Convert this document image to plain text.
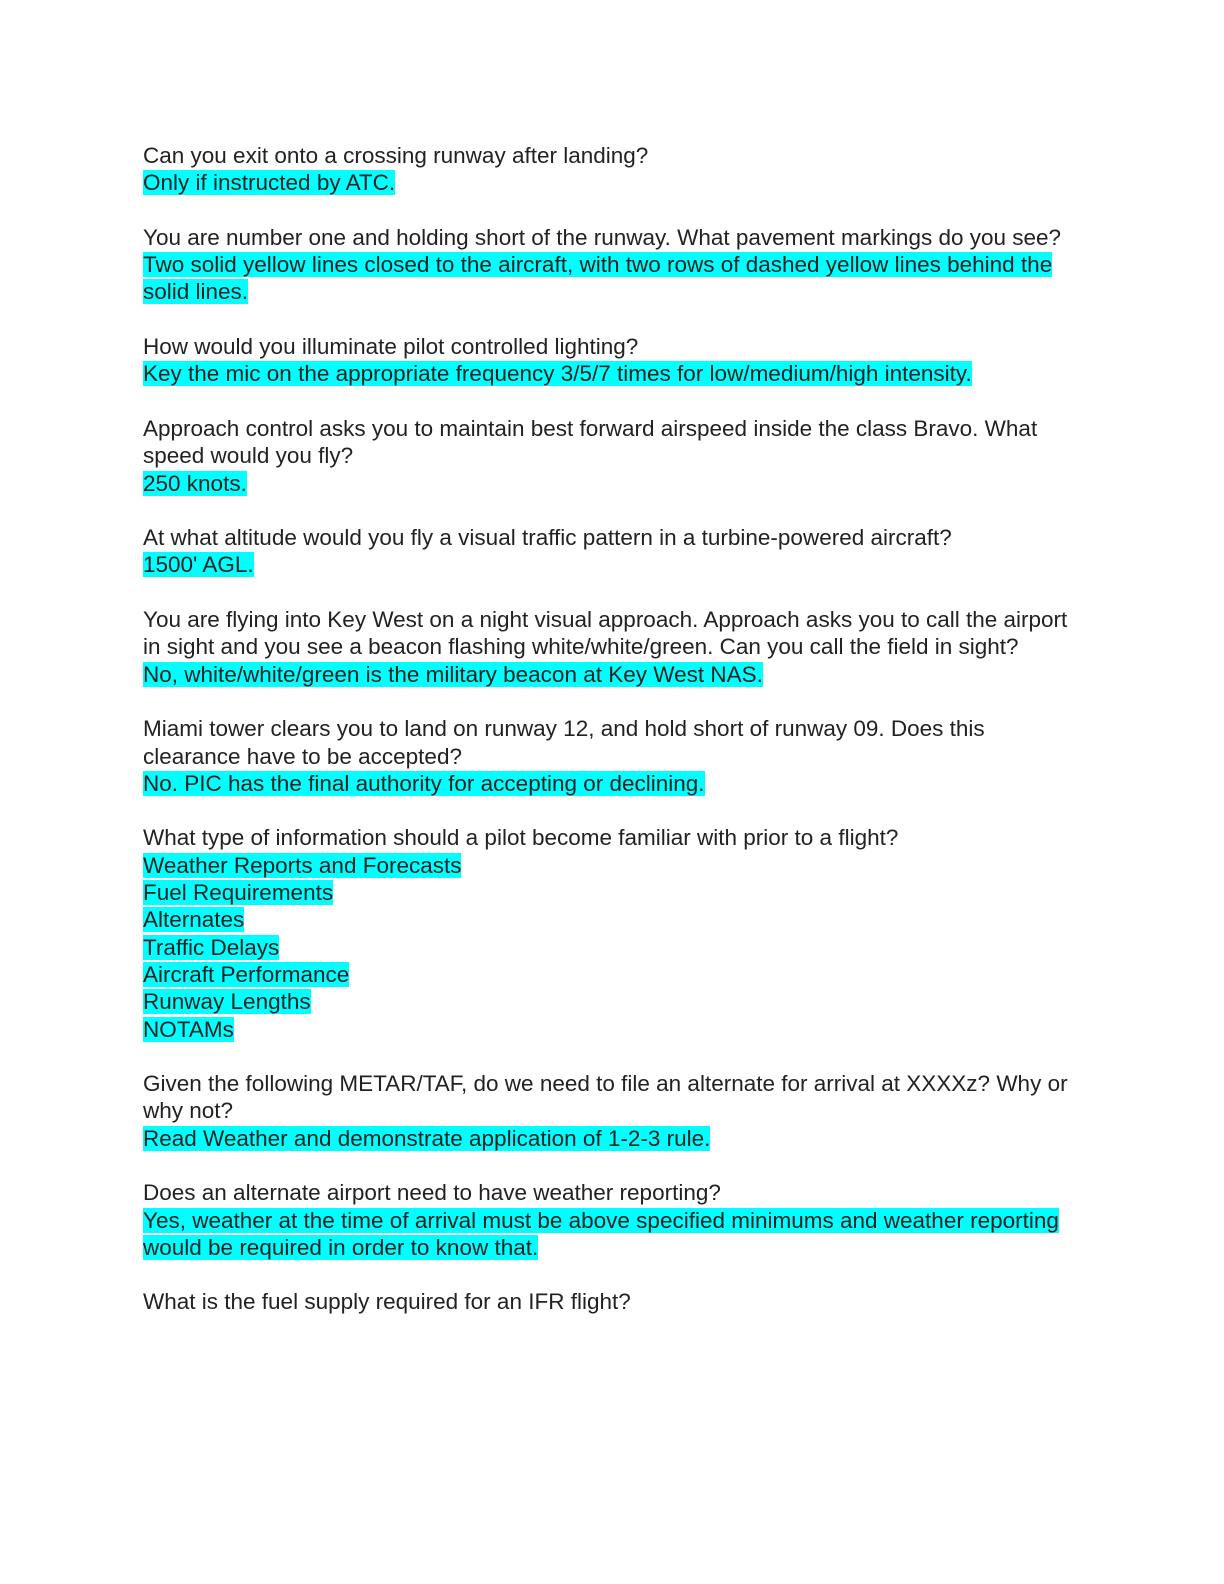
Can you exit onto a crossing runway after landing?

Only if instructed by ATC.

You are number one and holding short of the runway. What pavement markings do you see?

Two solid yellow lines closed to the aircraft, with two rows of dashed yellow lines behind the solid lines.

How would you illuminate pilot controlled lighting?

Key the mic on the appropriate frequency 3/5/7 times for low/medium/high intensity.

Approach control asks you to maintain best forward airspeed inside the class Bravo. What speed would you fly?

250 knots.

At what altitude would you fly a visual traffic pattern in a turbine-powered aircraft?

1500' AGL.

You are flying into Key West on a night visual approach. Approach asks you to call the airport in sight and you see a beacon flashing white/white/green. Can you call the field in sight?

No, white/white/green is the military beacon at Key West NAS.

Miami tower clears you to land on runway 12, and hold short of runway 09. Does this clearance have to be accepted?

No. PIC has the final authority for accepting or declining.

What type of information should a pilot become familiar with prior to a flight?

Weather Reports and Forecasts

Fuel Requirements

Alternates

Traffic Delays

Aircraft Performance

Runway Lengths

NOTAMs

Given the following METAR/TAF, do we need to file an alternate for arrival at XXXXz? Why or why not?

Read Weather and demonstrate application of 1-2-3 rule.

Does an alternate airport need to have weather reporting?

Yes, weather at the time of arrival must be above specified minimums and weather reporting would be required in order to know that.

What is the fuel supply required for an IFR flight?
